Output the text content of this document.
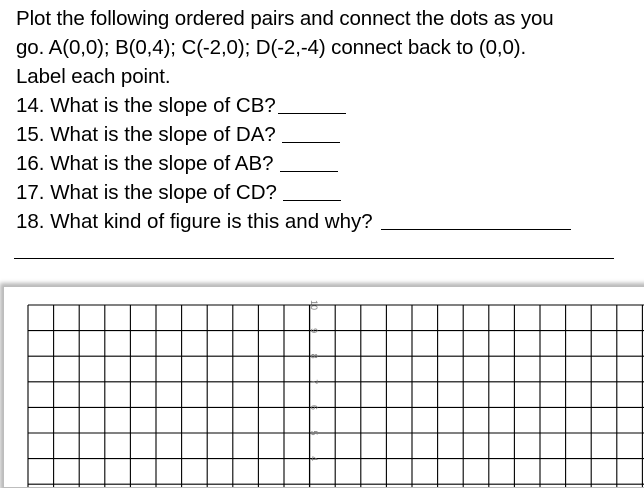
Plot the following ordered pairs and connect the dots as you
go. A(0,0); B(0,4); C(-2,0); D(-2,-4) connect back to (0,0).
Label each point.
14. What is the slope of CB?
15. What is the slope of DA?
16. What is the slope of AB?
17. What is the slope of CD?
18. What kind of figure is this and why?
10
9
8
7
6
5
4
